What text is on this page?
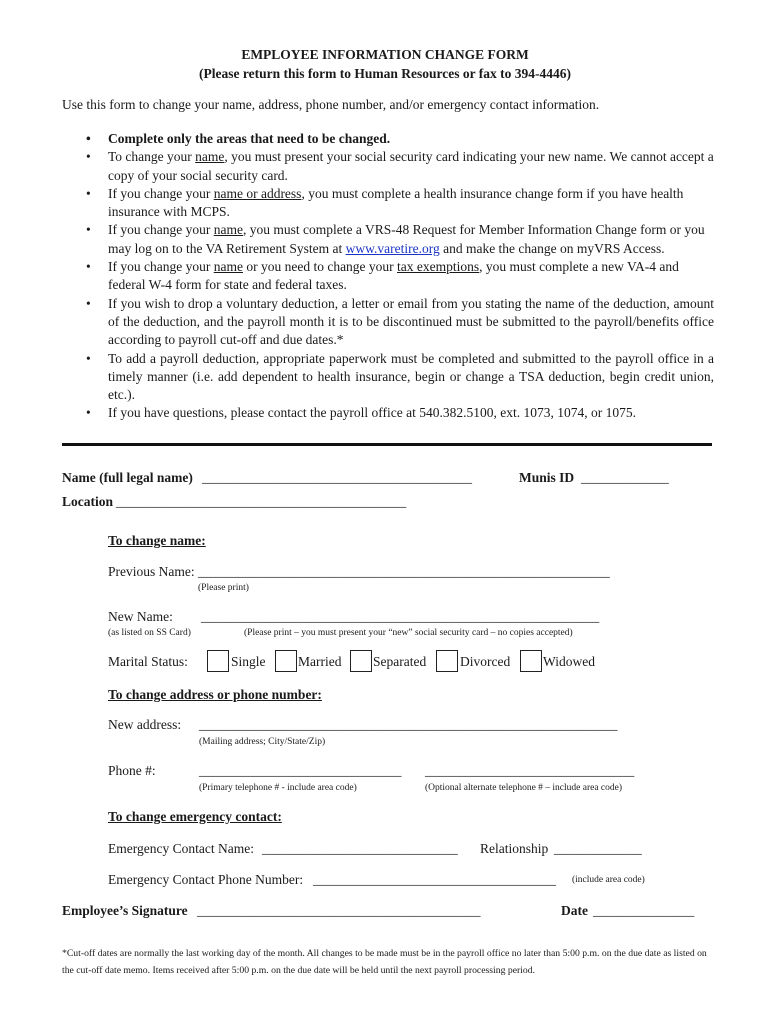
EMPLOYEE INFORMATION CHANGE FORM
(Please return this form to Human Resources or fax to 394-4446)
Use this form to change your name, address, phone number, and/or emergency contact information.
• Complete only the areas that need to be changed.
• To change your name, you must present your social security card indicating your new name. We cannot accept a copy of your social security card.
• If you change your name or address, you must complete a health insurance change form if you have health insurance with MCPS.
• If you change your name, you must complete a VRS-48 Request for Member Information Change form or you may log on to the VA Retirement System at www.varetire.org and make the change on myVRS Access.
• If you change your name or you need to change your tax exemptions, you must complete a new VA-4 and federal W-4 form for state and federal taxes.
• If you wish to drop a voluntary deduction, a letter or email from you stating the name of the deduction, amount of the deduction, and the payroll month it is to be discontinued must be submitted to the payroll/benefits office according to payroll cut-off and due dates.*
• To add a payroll deduction, appropriate paperwork must be completed and submitted to the payroll office in a timely manner (i.e. add dependent to health insurance, begin or change a TSA deduction, begin credit union, etc.).
• If you have questions, please contact the payroll office at 540.382.5100, ext. 1073, 1074, or 1075.
Name (full legal name) ________________________________________	Munis ID _____________
Location ___________________________________________
To change name:
Previous Name: _____________________________________________________________
(Please print)
New Name: ___________________________________________________________
(as listed on SS Card)	(Please print – you must present your “new” social security card – no copies accepted)
Marital Status:	Single Married Separated	Divorced Widowed
To change address or phone number:
New address: ______________________________________________________________
(Mailing address; City/State/Zip)
Phone #:	______________________________ _______________________________
(Primary telephone # - include area code)	(Optional alternate telephone # – include area code)
To change emergency contact:
Emergency Contact Name: _____________________________ Relationship _____________
Emergency Contact Phone Number: ____________________________________ (include area code)
Employee’s Signature __________________________________________	Date _______________
*Cut-off dates are normally the last working day of the month. All changes to be made must be in the payroll office no later than 5:00 p.m. on the due date as listed on the cut-off date memo. Items received after 5:00 p.m. on the due date will be held until the next payroll processing period.
